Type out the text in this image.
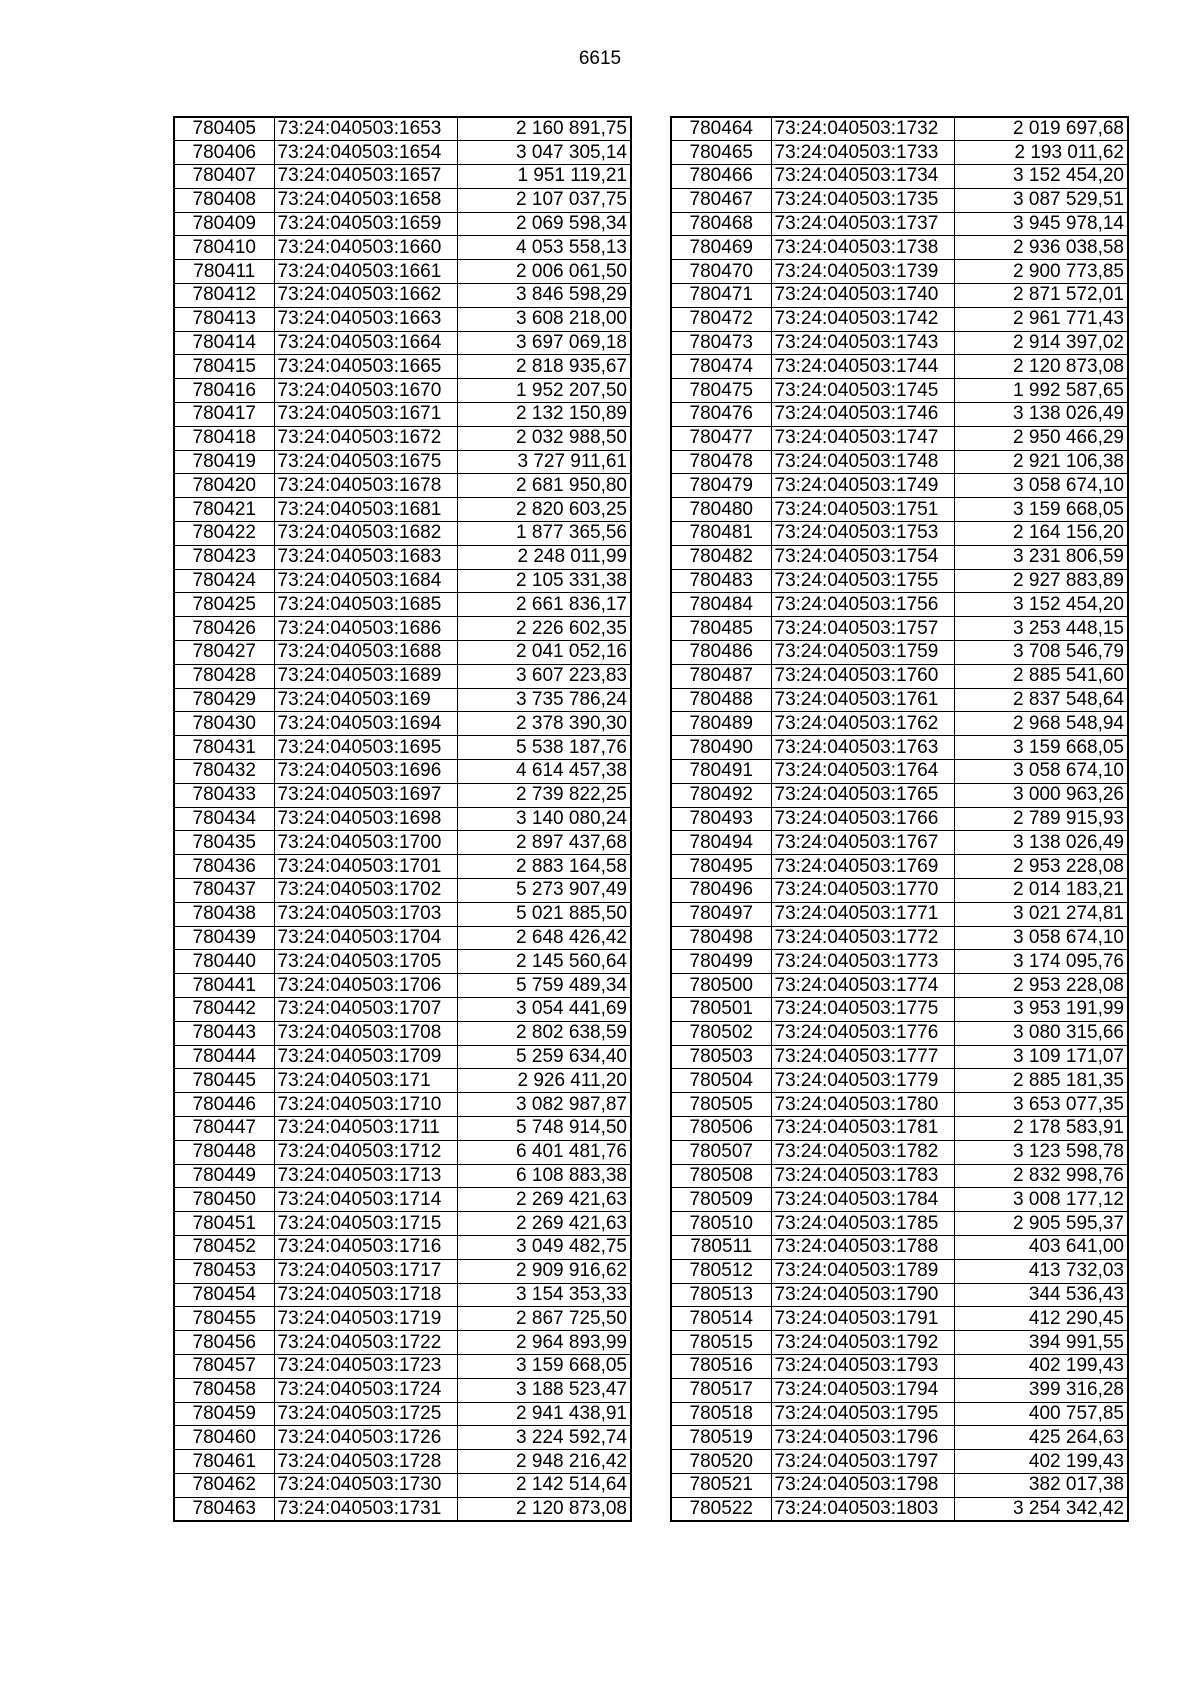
6615
780405	73:24:040503:1653	2 160 891,75
780406	73:24:040503:1654	3 047 305,14
780407	73:24:040503:1657	1 951 119,21
780408	73:24:040503:1658	2 107 037,75
780409	73:24:040503:1659	2 069 598,34
780410	73:24:040503:1660	4 053 558,13
780411	73:24:040503:1661	2 006 061,50
780412	73:24:040503:1662	3 846 598,29
780413	73:24:040503:1663	3 608 218,00
780414	73:24:040503:1664	3 697 069,18
780415	73:24:040503:1665	2 818 935,67
780416	73:24:040503:1670	1 952 207,50
780417	73:24:040503:1671	2 132 150,89
780418	73:24:040503:1672	2 032 988,50
780419	73:24:040503:1675	3 727 911,61
780420	73:24:040503:1678	2 681 950,80
780421	73:24:040503:1681	2 820 603,25
780422	73:24:040503:1682	1 877 365,56
780423	73:24:040503:1683	2 248 011,99
780424	73:24:040503:1684	2 105 331,38
780425	73:24:040503:1685	2 661 836,17
780426	73:24:040503:1686	2 226 602,35
780427	73:24:040503:1688	2 041 052,16
780428	73:24:040503:1689	3 607 223,83
780429	73:24:040503:169	3 735 786,24
780430	73:24:040503:1694	2 378 390,30
780431	73:24:040503:1695	5 538 187,76
780432	73:24:040503:1696	4 614 457,38
780433	73:24:040503:1697	2 739 822,25
780434	73:24:040503:1698	3 140 080,24
780435	73:24:040503:1700	2 897 437,68
780436	73:24:040503:1701	2 883 164,58
780437	73:24:040503:1702	5 273 907,49
780438	73:24:040503:1703	5 021 885,50
780439	73:24:040503:1704	2 648 426,42
780440	73:24:040503:1705	2 145 560,64
780441	73:24:040503:1706	5 759 489,34
780442	73:24:040503:1707	3 054 441,69
780443	73:24:040503:1708	2 802 638,59
780444	73:24:040503:1709	5 259 634,40
780445	73:24:040503:171	2 926 411,20
780446	73:24:040503:1710	3 082 987,87
780447	73:24:040503:1711	5 748 914,50
780448	73:24:040503:1712	6 401 481,76
780449	73:24:040503:1713	6 108 883,38
780450	73:24:040503:1714	2 269 421,63
780451	73:24:040503:1715	2 269 421,63
780452	73:24:040503:1716	3 049 482,75
780453	73:24:040503:1717	2 909 916,62
780454	73:24:040503:1718	3 154 353,33
780455	73:24:040503:1719	2 867 725,50
780456	73:24:040503:1722	2 964 893,99
780457	73:24:040503:1723	3 159 668,05
780458	73:24:040503:1724	3 188 523,47
780459	73:24:040503:1725	2 941 438,91
780460	73:24:040503:1726	3 224 592,74
780461	73:24:040503:1728	2 948 216,42
780462	73:24:040503:1730	2 142 514,64
780463	73:24:040503:1731	2 120 873,08
780464	73:24:040503:1732	2 019 697,68
780465	73:24:040503:1733	2 193 011,62
780466	73:24:040503:1734	3 152 454,20
780467	73:24:040503:1735	3 087 529,51
780468	73:24:040503:1737	3 945 978,14
780469	73:24:040503:1738	2 936 038,58
780470	73:24:040503:1739	2 900 773,85
780471	73:24:040503:1740	2 871 572,01
780472	73:24:040503:1742	2 961 771,43
780473	73:24:040503:1743	2 914 397,02
780474	73:24:040503:1744	2 120 873,08
780475	73:24:040503:1745	1 992 587,65
780476	73:24:040503:1746	3 138 026,49
780477	73:24:040503:1747	2 950 466,29
780478	73:24:040503:1748	2 921 106,38
780479	73:24:040503:1749	3 058 674,10
780480	73:24:040503:1751	3 159 668,05
780481	73:24:040503:1753	2 164 156,20
780482	73:24:040503:1754	3 231 806,59
780483	73:24:040503:1755	2 927 883,89
780484	73:24:040503:1756	3 152 454,20
780485	73:24:040503:1757	3 253 448,15
780486	73:24:040503:1759	3 708 546,79
780487	73:24:040503:1760	2 885 541,60
780488	73:24:040503:1761	2 837 548,64
780489	73:24:040503:1762	2 968 548,94
780490	73:24:040503:1763	3 159 668,05
780491	73:24:040503:1764	3 058 674,10
780492	73:24:040503:1765	3 000 963,26
780493	73:24:040503:1766	2 789 915,93
780494	73:24:040503:1767	3 138 026,49
780495	73:24:040503:1769	2 953 228,08
780496	73:24:040503:1770	2 014 183,21
780497	73:24:040503:1771	3 021 274,81
780498	73:24:040503:1772	3 058 674,10
780499	73:24:040503:1773	3 174 095,76
780500	73:24:040503:1774	2 953 228,08
780501	73:24:040503:1775	3 953 191,99
780502	73:24:040503:1776	3 080 315,66
780503	73:24:040503:1777	3 109 171,07
780504	73:24:040503:1779	2 885 181,35
780505	73:24:040503:1780	3 653 077,35
780506	73:24:040503:1781	2 178 583,91
780507	73:24:040503:1782	3 123 598,78
780508	73:24:040503:1783	2 832 998,76
780509	73:24:040503:1784	3 008 177,12
780510	73:24:040503:1785	2 905 595,37
780511	73:24:040503:1788	403 641,00
780512	73:24:040503:1789	413 732,03
780513	73:24:040503:1790	344 536,43
780514	73:24:040503:1791	412 290,45
780515	73:24:040503:1792	394 991,55
780516	73:24:040503:1793	402 199,43
780517	73:24:040503:1794	399 316,28
780518	73:24:040503:1795	400 757,85
780519	73:24:040503:1796	425 264,63
780520	73:24:040503:1797	402 199,43
780521	73:24:040503:1798	382 017,38
780522	73:24:040503:1803	3 254 342,42
